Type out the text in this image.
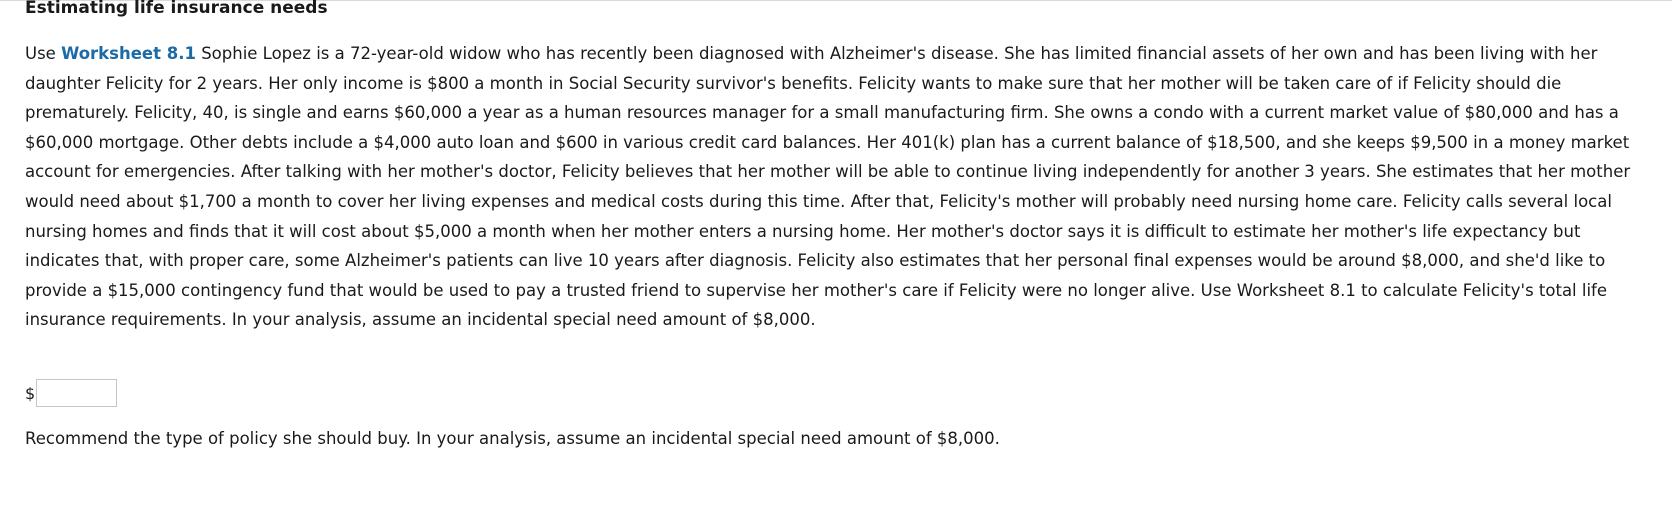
Estimating life insurance needs

Use Worksheet 8.1 Sophie Lopez is a 72-year-old widow who has recently been diagnosed with Alzheimer's disease. She has limited financial assets of her own and has been living with her daughter Felicity for 2 years. Her only income is $800 a month in Social Security survivor's benefits. Felicity wants to make sure that her mother will be taken care of if Felicity should die prematurely. Felicity, 40, is single and earns $60,000 a year as a human resources manager for a small manufacturing firm. She owns a condo with a current market value of $80,000 and has a $60,000 mortgage. Other debts include a $4,000 auto loan and $600 in various credit card balances. Her 401(k) plan has a current balance of $18,500, and she keeps $9,500 in a money market account for emergencies. After talking with her mother's doctor, Felicity believes that her mother will be able to continue living independently for another 3 years. She estimates that her mother would need about $1,700 a month to cover her living expenses and medical costs during this time. After that, Felicity's mother will probably need nursing home care. Felicity calls several local nursing homes and finds that it will cost about $5,000 a month when her mother enters a nursing home. Her mother's doctor says it is difficult to estimate her mother's life expectancy but indicates that, with proper care, some Alzheimer's patients can live 10 years after diagnosis. Felicity also estimates that her personal final expenses would be around $8,000, and she'd like to provide a $15,000 contingency fund that would be used to pay a trusted friend to supervise her mother's care if Felicity were no longer alive. Use Worksheet 8.1 to calculate Felicity's total life insurance requirements. In your analysis, assume an incidental special need amount of $8,000.

$

Recommend the type of policy she should buy. In your analysis, assume an incidental special need amount of $8,000.
